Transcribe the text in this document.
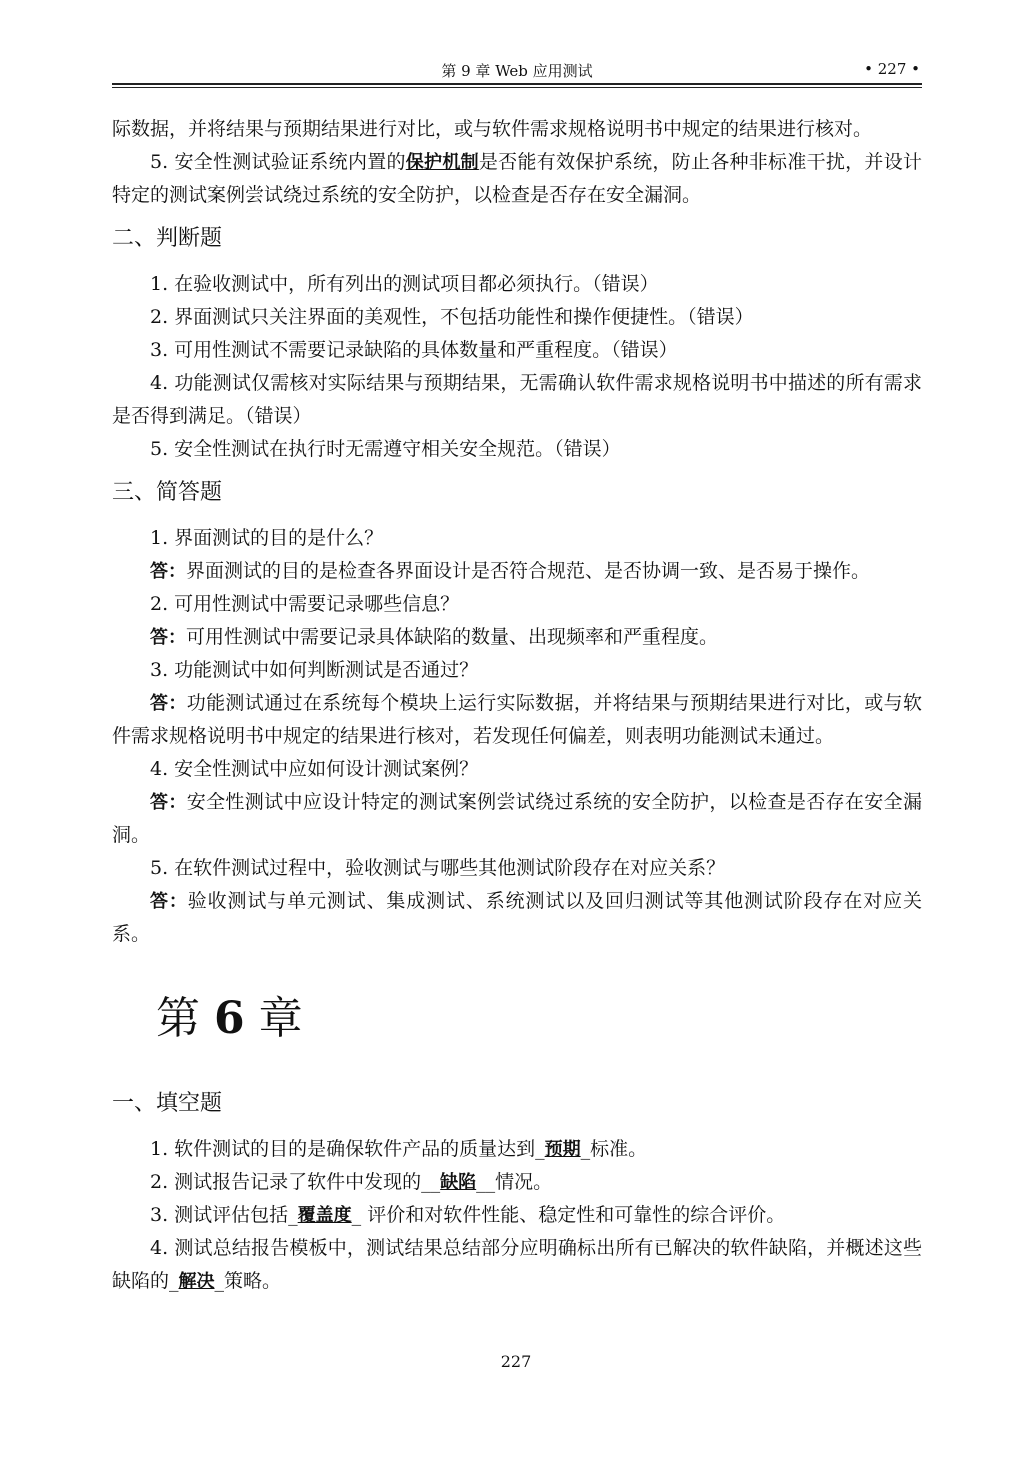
第 9 章 Web 应用测试	• 227 •

际数据，并将结果与预期结果进行对比，或与软件需求规格说明书中规定的结果进行核对。

5. 安全性测试验证系统内置的保护机制是否能有效保护系统，防止各种非标准干扰，并设计特定的测试案例尝试绕过系统的安全防护，以检查是否存在安全漏洞。

二、判断题

1. 在验收测试中，所有列出的测试项目都必须执行。（错误）

2. 界面测试只关注界面的美观性，不包括功能性和操作便捷性。（错误）

3. 可用性测试不需要记录缺陷的具体数量和严重程度。（错误）

4. 功能测试仅需核对实际结果与预期结果，无需确认软件需求规格说明书中描述的所有需求是否得到满足。（错误）

5. 安全性测试在执行时无需遵守相关安全规范。（错误）

三、简答题

1. 界面测试的目的是什么？

答：界面测试的目的是检查各界面设计是否符合规范、是否协调一致、是否易于操作。

2. 可用性测试中需要记录哪些信息？

答：可用性测试中需要记录具体缺陷的数量、出现频率和严重程度。

3. 功能测试中如何判断测试是否通过？

答：功能测试通过在系统每个模块上运行实际数据，并将结果与预期结果进行对比，或与软件需求规格说明书中规定的结果进行核对，若发现任何偏差，则表明功能测试未通过。

4. 安全性测试中应如何设计测试案例？

答：安全性测试中应设计特定的测试案例尝试绕过系统的安全防护，以检查是否存在安全漏洞。

5. 在软件测试过程中，验收测试与哪些其他测试阶段存在对应关系？

答：验收测试与单元测试、集成测试、系统测试以及回归测试等其他测试阶段存在对应关系。

第 6 章
一、填空题

1. 软件测试的目的是确保软件产品的质量达到_预期_标准。

2. 测试报告记录了软件中发现的__缺陷__情况。

3. 测试评估包括_覆盖度_ 评价和对软件性能、稳定性和可靠性的综合评价。

4. 测试总结报告模板中，测试结果总结部分应明确标出所有已解决的软件缺陷，并概述这些缺陷的_解决_策略。

227
